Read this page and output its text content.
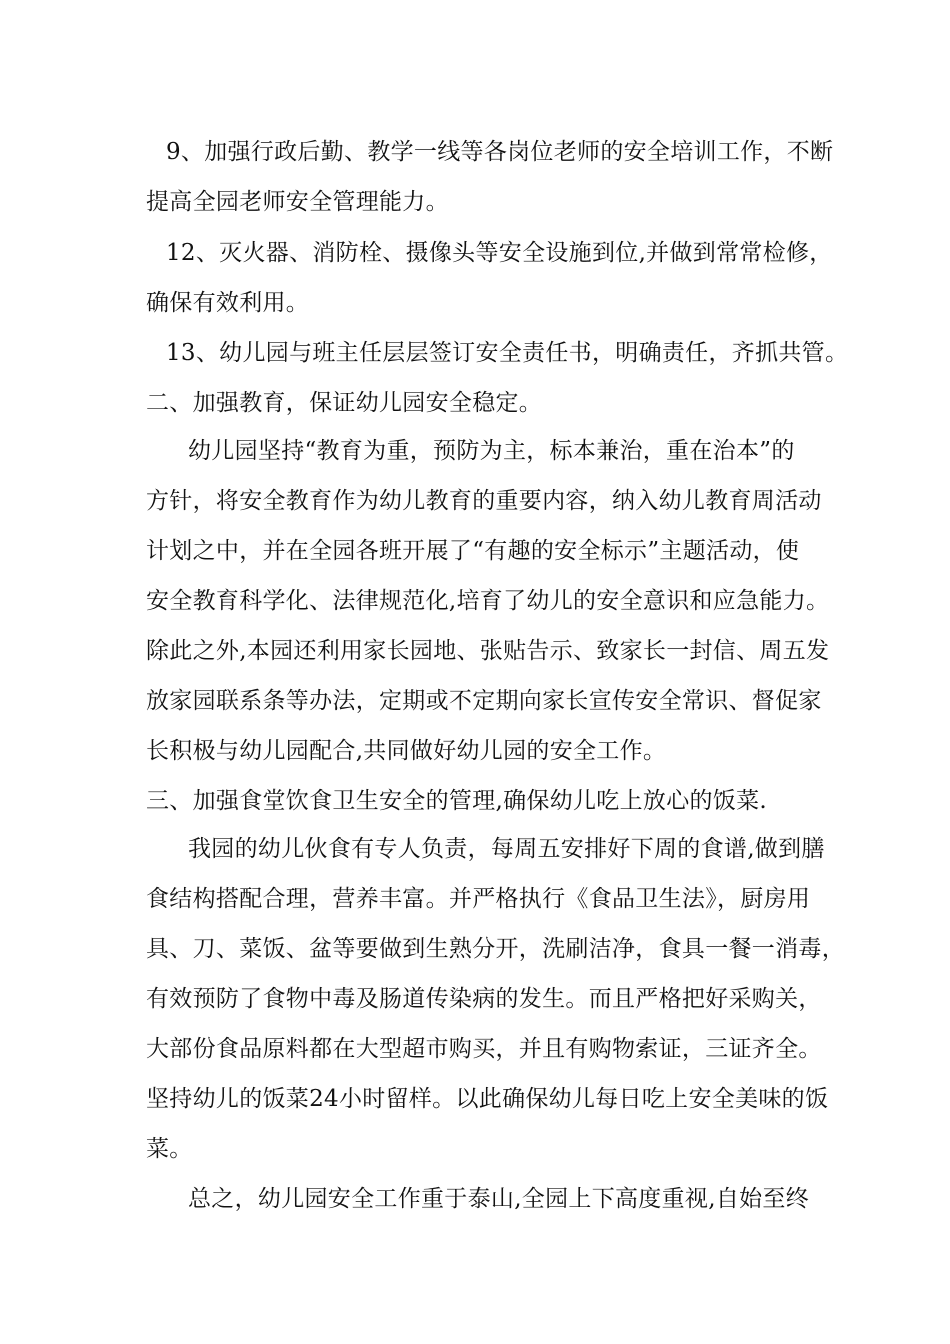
9、加强行政后勤、教学一线等各岗位老师的安全培训工作，不断
提高全园老师安全管理能力。
12、灭火器、消防栓、摄像头等安全设施到位,并做到常常检修，
确保有效利用。
13、幼儿园与班主任层层签订安全责任书，明确责任，齐抓共管。
二、加强教育，保证幼儿园安全稳定。
幼儿园坚持“教育为重，预防为主，标本兼治，重在治本”的
方针，将安全教育作为幼儿教育的重要内容，纳入幼儿教育周活动
计划之中，并在全园各班开展了“有趣的安全标示”主题活动，使
安全教育科学化、法律规范化,培育了幼儿的安全意识和应急能力。
除此之外,本园还利用家长园地、张贴告示、致家长一封信、周五发
放家园联系条等办法，定期或不定期向家长宣传安全常识、督促家
长积极与幼儿园配合,共同做好幼儿园的安全工作。
三、加强食堂饮食卫生安全的管理,确保幼儿吃上放心的饭菜.
我园的幼儿伙食有专人负责，每周五安排好下周的食谱,做到膳
食结构搭配合理，营养丰富。并严格执行《食品卫生法》，厨房用
具、刀、菜饭、盆等要做到生熟分开，洗刷洁净，食具一餐一消毒，
有效预防了食物中毒及肠道传染病的发生。而且严格把好采购关，
大部份食品原料都在大型超市购买，并且有购物索证，三证齐全。
坚持幼儿的饭菜24小时留样。以此确保幼儿每日吃上安全美味的饭
菜。
总之，幼儿园安全工作重于泰山,全园上下高度重视,自始至终
